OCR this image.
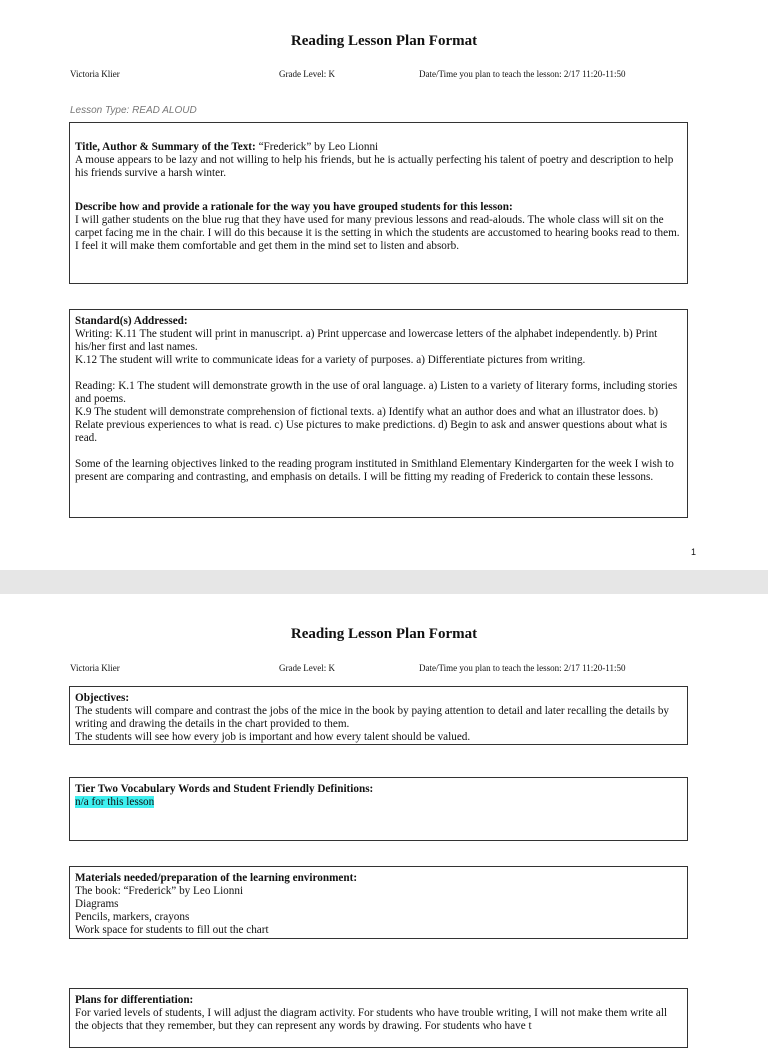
Reading Lesson Plan Format
Victoria Klier	Grade Level: K	Date/Time you plan to teach the lesson: 2/17 11:20-11:50
Lesson Type: READ ALOUD

Title, Author & Summary of the Text: “Frederick” by Leo Lionni

A mouse appears to be lazy and not willing to help his friends, but he is actually perfecting his talent of poetry and description to help his friends survive a harsh winter.

Describe how and provide a rationale for the way you have grouped students for this lesson:

I will gather students on the blue rug that they have used for many previous lessons and read-alouds. The whole class will sit on the carpet facing me in the chair. I will do this because it is the setting in which the students are accustomed to hearing books read to them. I feel it will make them comfortable and get them in the mind set to listen and absorb.

Standard(s) Addressed:

Writing: K.11 The student will print in manuscript. a) Print uppercase and lowercase letters of the alphabet independently. b) Print his/her first and last names.

K.12 The student will write to communicate ideas for a variety of purposes. a) Differentiate pictures from writing.

Reading: K.1 The student will demonstrate growth in the use of oral language. a) Listen to a variety of literary forms, including stories and poems.

K.9 The student will demonstrate comprehension of fictional texts. a) Identify what an author does and what an illustrator does. b) Relate previous experiences to what is read. c) Use pictures to make predictions. d) Begin to ask and answer questions about what is read.

Some of the learning objectives linked to the reading program instituted in Smithland Elementary Kindergarten for the week I wish to present are comparing and contrasting, and emphasis on details. I will be fitting my reading of Frederick to contain these lessons.

1
Reading Lesson Plan Format
Victoria Klier	Grade Level: K	Date/Time you plan to teach the lesson: 2/17 11:20-11:50

Objectives:

The students will compare and contrast the jobs of the mice in the book by paying attention to detail and later recalling the details by writing and drawing the details in the chart provided to them.

The students will see how every job is important and how every talent should be valued.

Tier Two Vocabulary Words and Student Friendly Definitions:

n/a for this lesson

Materials needed/preparation of the learning environment:

The book: “Frederick” by Leo Lionni

Diagrams

Pencils, markers, crayons

Work space for students to fill out the chart

Plans for differentiation:

For varied levels of students, I will adjust the diagram activity. For students who have trouble writing, I will not make them write all the objects that they remember, but they can represent any words by drawing. For students who have t
